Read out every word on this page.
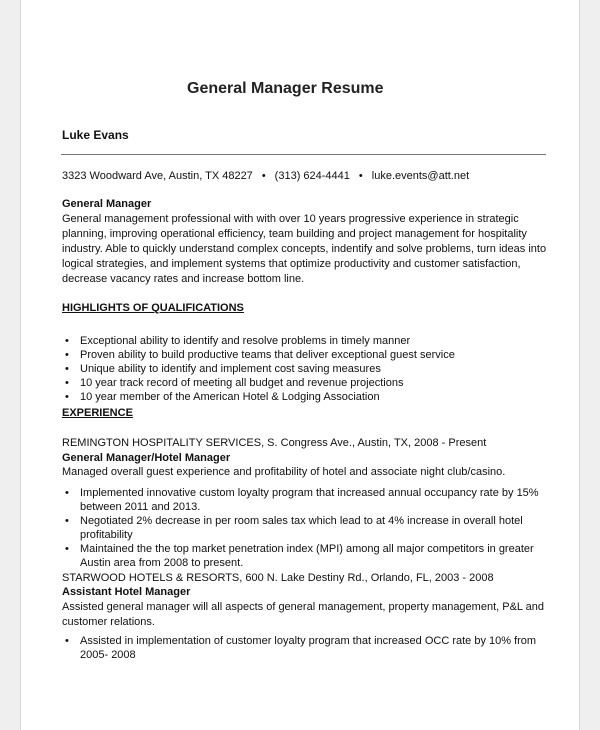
General Manager Resume
Luke Evans
3323 Woodward Ave, Austin, TX 48227 • (313) 624-4441 • luke.events@att.net
General Manager
General management professional with with over 10 years progressive experience in strategic
planning, improving operational efficiency, team building and project management for hospitality
industry. Able to quickly understand complex concepts, indentify and solve problems, turn ideas into
logical strategies, and implement systems that optimize productivity and customer satisfaction,
decrease vacancy rates and increase bottom line.
HIGHLIGHTS OF QUALIFICATIONS
• Exceptional ability to identify and resolve problems in timely manner
• Proven ability to build productive teams that deliver exceptional guest service
• Unique ability to identify and implement cost saving measures
• 10 year track record of meeting all budget and revenue projections
• 10 year member of the American Hotel & Lodging Association
EXPERIENCE
REMINGTON HOSPITALITY SERVICES, S. Congress Ave., Austin, TX, 2008 - Present
General Manager/Hotel Manager
Managed overall guest experience and profitability of hotel and associate night club/casino.
• Implemented innovative custom loyalty program that increased annual occupancy rate by 15%
between 2011 and 2013.
• Negotiated 2% decrease in per room sales tax which lead to at 4% increase in overall hotel
profitability
• Maintained the the top market penetration index (MPI) among all major competitors in greater
Austin area from 2008 to present.
STARWOOD HOTELS & RESORTS, 600 N. Lake Destiny Rd., Orlando, FL, 2003 - 2008
Assistant Hotel Manager
Assisted general manager will all aspects of general management, property management, P&L and
customer relations.
• Assisted in implementation of customer loyalty program that increased OCC rate by 10% from
2005- 2008
